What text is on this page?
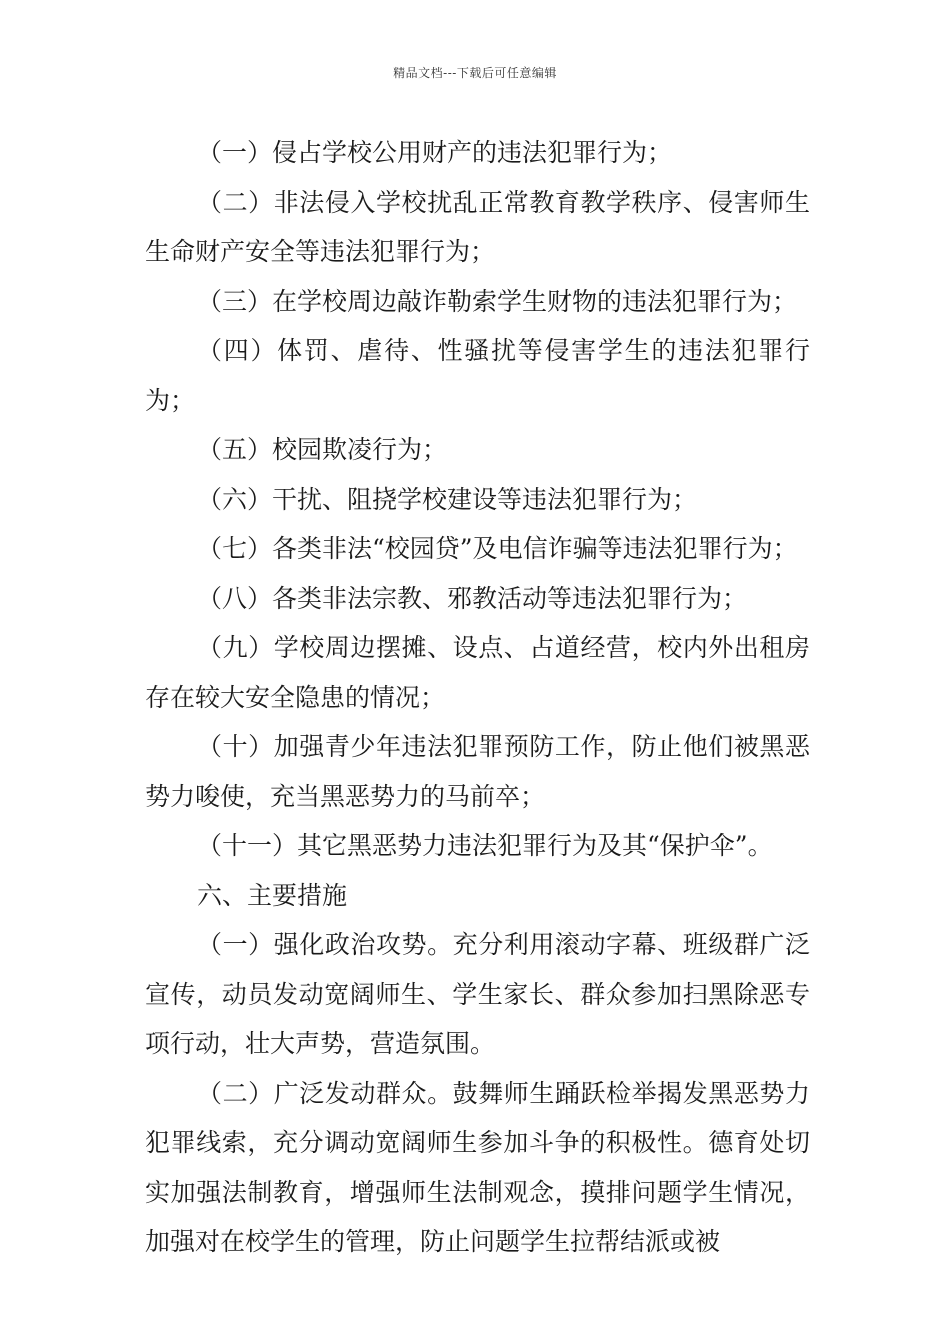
精品文档---下载后可任意编辑

（一）侵占学校公用财产的违法犯罪行为；

（二）非法侵入学校扰乱正常教育教学秩序、侵害师生生命财产安全等违法犯罪行为；

（三）在学校周边敲诈勒索学生财物的违法犯罪行为；

（四）体罚、虐待、性骚扰等侵害学生的违法犯罪行为；

（五）校园欺凌行为；

（六）干扰、阻挠学校建设等违法犯罪行为；

（七）各类非法“校园贷”及电信诈骗等违法犯罪行为；

（八）各类非法宗教、邪教活动等违法犯罪行为；

（九）学校周边摆摊、设点、占道经营，校内外出租房存在较大安全隐患的情况；

（十）加强青少年违法犯罪预防工作，防止他们被黑恶势力唆使，充当黑恶势力的马前卒；

（十一）其它黑恶势力违法犯罪行为及其“保护伞”。

六、主要措施

（一）强化政治攻势。充分利用滚动字幕、班级群广泛宣传，动员发动宽阔师生、学生家长、群众参加扫黑除恶专项行动，壮大声势，营造氛围。

（二）广泛发动群众。鼓舞师生踊跃检举揭发黑恶势力犯罪线索，充分调动宽阔师生参加斗争的积极性。德育处切实加强法制教育，增强师生法制观念，摸排问题学生情况，加强对在校学生的管理，防止问题学生拉帮结派或被
